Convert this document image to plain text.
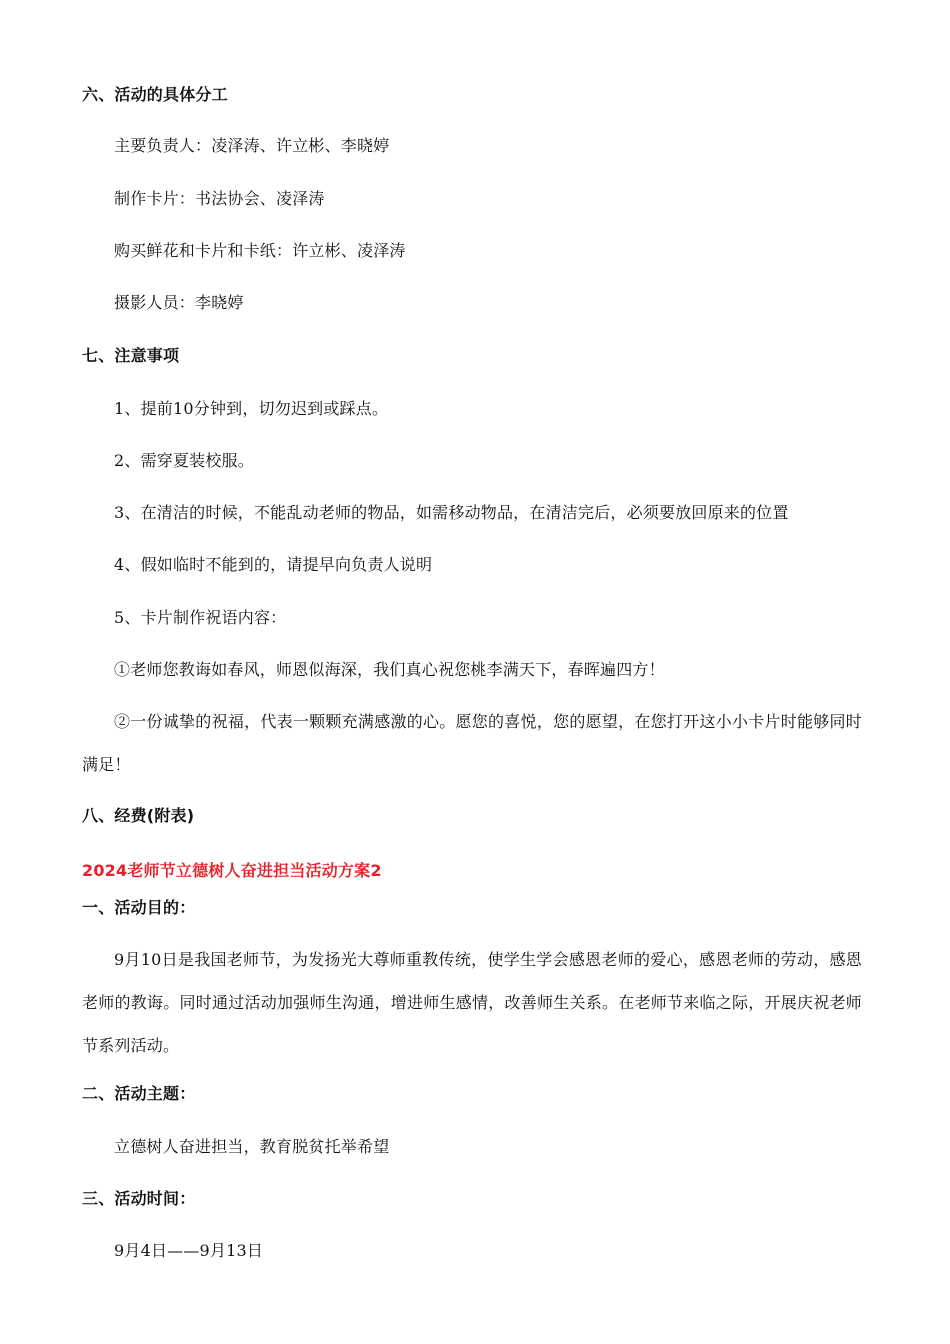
六、活动的具体分工
主要负责人：凌泽涛、许立彬、李晓婷
制作卡片：书法协会、凌泽涛
购买鲜花和卡片和卡纸：许立彬、凌泽涛
摄影人员：李晓婷
七、注意事项
1、提前10分钟到，切勿迟到或踩点。
2、需穿夏装校服。
3、在清洁的时候，不能乱动老师的物品，如需移动物品，在清洁完后，必须要放回原来的位置
4、假如临时不能到的，请提早向负责人说明
5、卡片制作祝语内容：
①老师您教诲如春风，师恩似海深，我们真心祝您桃李满天下，春晖遍四方！
②一份诚挚的祝福，代表一颗颗充满感激的心。愿您的喜悦，您的愿望，在您打开这小小卡片时能够同时满足！
八、经费(附表)
2024老师节立德树人奋进担当活动方案2
一、活动目的：
9月10日是我国老师节，为发扬光大尊师重教传统，使学生学会感恩老师的爱心，感恩老师的劳动，感恩老师的教诲。同时通过活动加强师生沟通，增进师生感情，改善师生关系。在老师节来临之际，开展庆祝老师节系列活动。
二、活动主题：
立德树人奋进担当，教育脱贫托举希望
三、活动时间：
9月4日——9月13日
